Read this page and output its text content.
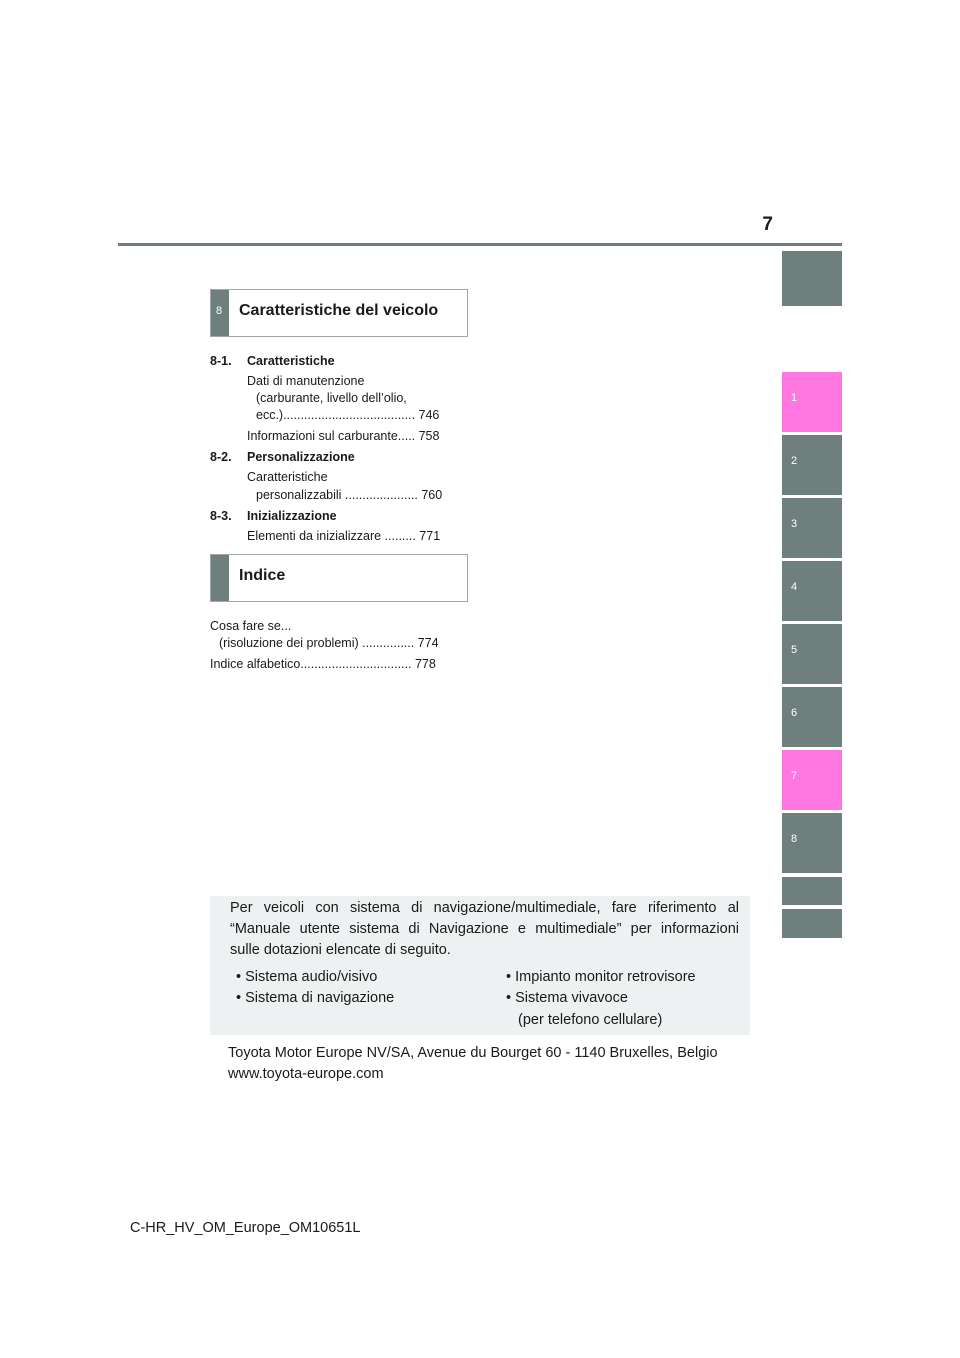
7
1
2
3
4
5
6
7
8
8 Caratteristiche del veicolo
8-1. Caratteristiche
Dati di manutenzione
(carburante, livello dell’olio,
ecc.)...................................... 746
Informazioni sul carburante..... 758
8-2. Personalizzazione
Caratteristiche
personalizzabili ..................... 760
8-3. Inizializzazione
Elementi da inizializzare ......... 771
Indice
Cosa fare se...
(risoluzione dei problemi) ............... 774
Indice alfabetico................................ 778
Per veicoli con sistema di navigazione/multimediale, fare riferimento al
“Manuale utente sistema di Navigazione e multimediale” per informazioni
sulle dotazioni elencate di seguito.
• Sistema audio/visivo
• Sistema di navigazione
• Impianto monitor retrovisore
• Sistema vivavoce
(per telefono cellulare)
Toyota Motor Europe NV/SA, Avenue du Bourget 60 - 1140 Bruxelles, Belgio
www.toyota-europe.com
C-HR_HV_OM_Europe_OM10651L
